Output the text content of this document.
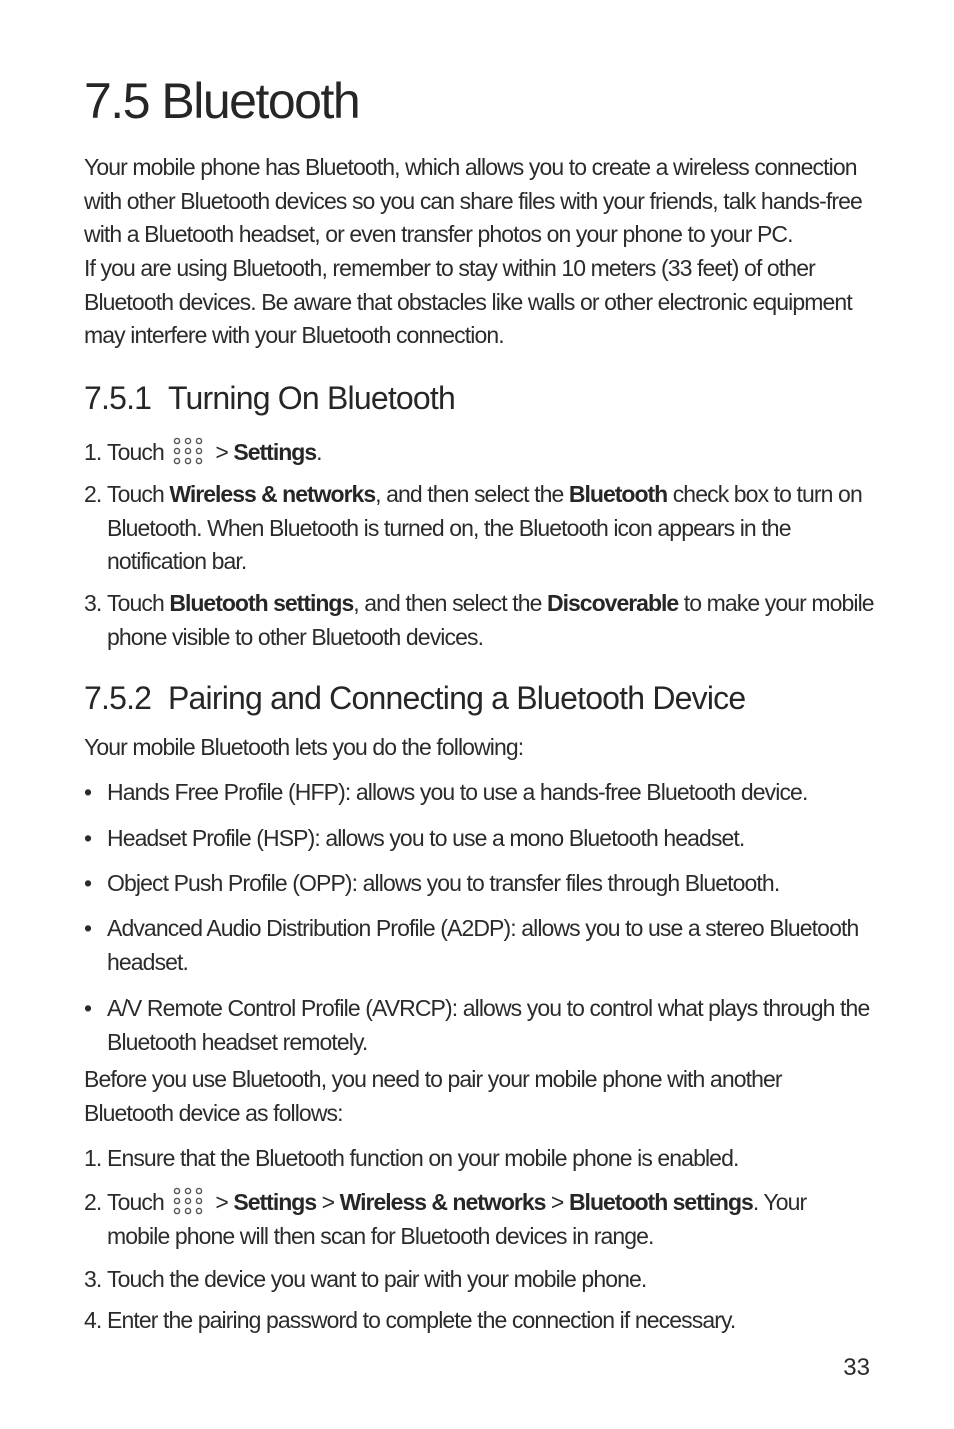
7.5 Bluetooth

Your mobile phone has Bluetooth, which allows you to create a wireless connection with other Bluetooth devices so you can share files with your friends, talk hands-free with a Bluetooth headset, or even transfer photos on your phone to your PC.

If you are using Bluetooth, remember to stay within 10 meters (33 feet) of other Bluetooth devices. Be aware that obstacles like walls or other electronic equipment may interfere with your Bluetooth connection.

7.5.1 Turning On Bluetooth

1. Touch > Settings.

2. Touch Wireless & networks, and then select the Bluetooth check box to turn on Bluetooth. When Bluetooth is turned on, the Bluetooth icon appears in the notification bar.

3. Touch Bluetooth settings, and then select the Discoverable to make your mobile phone visible to other Bluetooth devices.

7.5.2 Pairing and Connecting a Bluetooth Device

Your mobile Bluetooth lets you do the following:

• Hands Free Profile (HFP): allows you to use a hands-free Bluetooth device.

• Headset Profile (HSP): allows you to use a mono Bluetooth headset.

• Object Push Profile (OPP): allows you to transfer files through Bluetooth.

• Advanced Audio Distribution Profile (A2DP): allows you to use a stereo Bluetooth headset.

• A/V Remote Control Profile (AVRCP): allows you to control what plays through the Bluetooth headset remotely.

Before you use Bluetooth, you need to pair your mobile phone with another Bluetooth device as follows:

1. Ensure that the Bluetooth function on your mobile phone is enabled.

2. Touch > Settings > Wireless & networks > Bluetooth settings. Your mobile phone will then scan for Bluetooth devices in range.

3. Touch the device you want to pair with your mobile phone.

4. Enter the pairing password to complete the connection if necessary.

33
